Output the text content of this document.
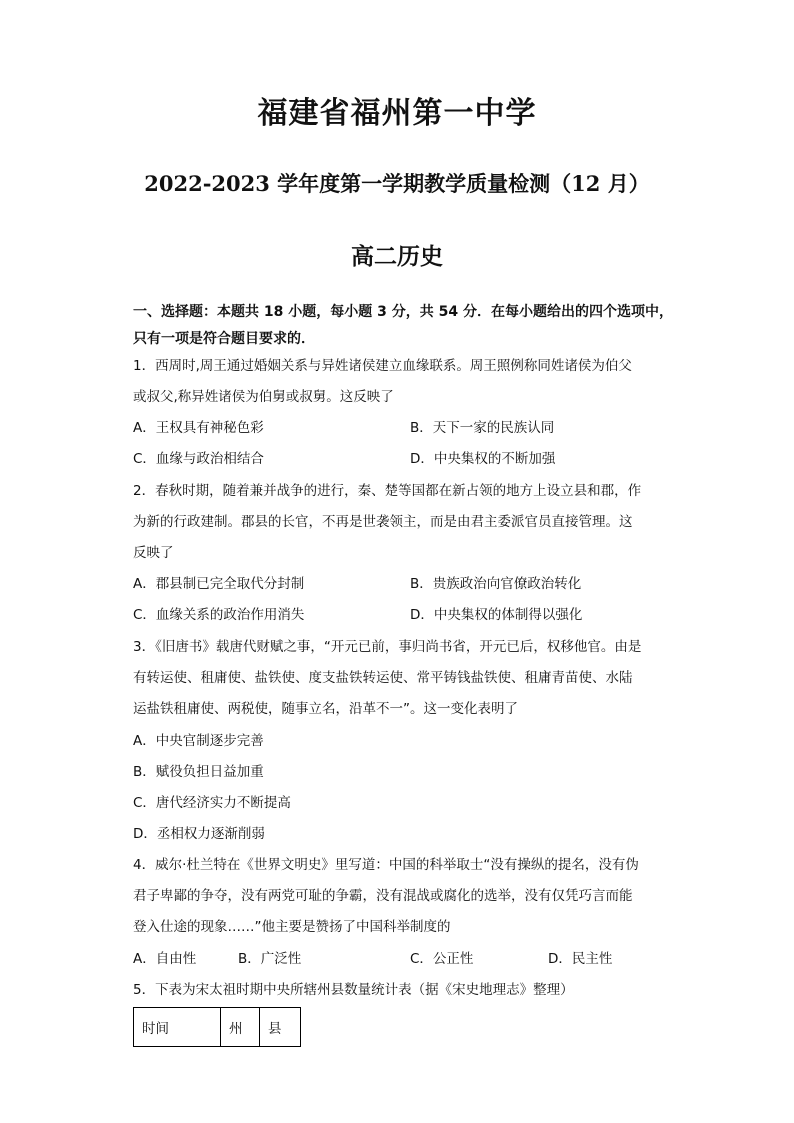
福建省福州第一中学
2022-2023 学年度第一学期教学质量检测（12 月）
高二历史
一、选择题：本题共 18 小题，每小题 3 分，共 54 分．在每小题给出的四个选项中，
只有一项是符合题目要求的．
1．西周时,周王通过婚姻关系与异姓诸侯建立血缘联系。周王照例称同姓诸侯为伯父
或叔父,称异姓诸侯为伯舅或叔舅。这反映了
A．王权具有神秘色彩	B．天下一家的民族认同
C．血缘与政治相结合	D．中央集权的不断加强
2．春秋时期，随着兼并战争的进行，秦、楚等国都在新占领的地方上设立县和郡，作
为新的行政建制。郡县的长官，不再是世袭领主，而是由君主委派官员直接管理。这
反映了
A．郡县制已完全取代分封制	B．贵族政治向官僚政治转化
C．血缘关系的政治作用消失	D．中央集权的体制得以强化
3．《旧唐书》载唐代财赋之事，“开元已前，事归尚书省，开元已后，权移他官。由是
有转运使、租庸使、盐铁使、度支盐铁转运使、常平铸钱盐铁使、租庸青苗使、水陆
运盐铁租庸使、两税使，随事立名，沿革不一”。这一变化表明了
A．中央官制逐步完善
B．赋役负担日益加重
C．唐代经济实力不断提高
D．丞相权力逐渐削弱
4．威尔·杜兰特在《世界文明史》里写道：中国的科举取士“没有操纵的提名，没有伪
君子卑鄙的争夺，没有两党可耻的争霸，没有混战或腐化的选举，没有仅凭巧言而能
登入仕途的现象……”他主要是赞扬了中国科举制度的
A．自由性	B．广泛性	C．公正性	D．民主性
5．下表为宋太祖时期中央所辖州县数量统计表（据《宋史地理志》整理）
时间	州	县
